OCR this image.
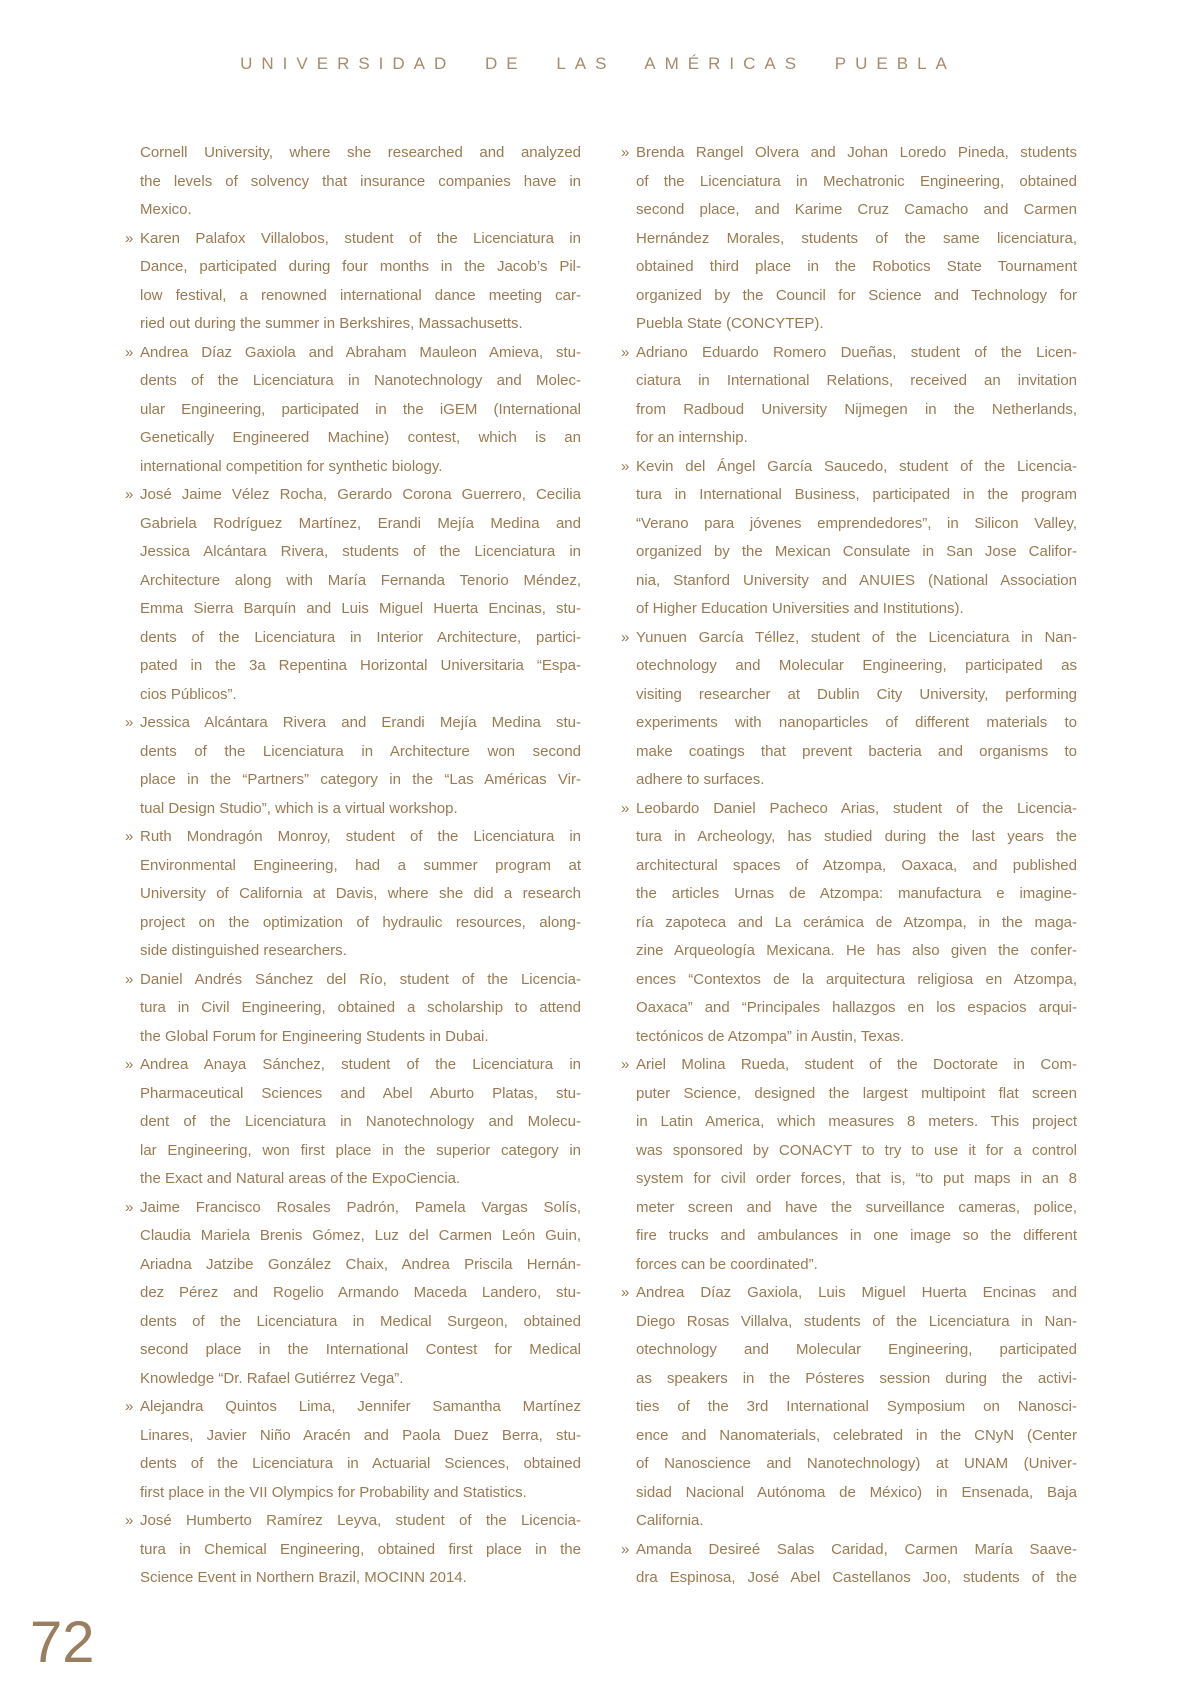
UNIVERSIDAD DE LAS AMÉRICAS PUEBLA
Cornell University, where she researched and analyzed
the levels of solvency that insurance companies have in
Mexico.
» Karen Palafox Villalobos, student of the Licenciatura in
Dance, participated during four months in the Jacob’s Pil-
low festival, a renowned international dance meeting car-
ried out during the summer in Berkshires, Massachusetts.
» Andrea Díaz Gaxiola and Abraham Mauleon Amieva, stu-
dents of the Licenciatura in Nanotechnology and Molec-
ular Engineering, participated in the iGEM (International
Genetically Engineered Machine) contest, which is an
international competition for synthetic biology.
» José Jaime Vélez Rocha, Gerardo Corona Guerrero, Cecilia
Gabriela Rodríguez Martínez, Erandi Mejía Medina and
Jessica Alcántara Rivera, students of the Licenciatura in
Architecture along with María Fernanda Tenorio Méndez,
Emma Sierra Barquín and Luis Miguel Huerta Encinas, stu-
dents of the Licenciatura in Interior Architecture, partici-
pated in the 3a Repentina Horizontal Universitaria “Espa-
cios Públicos”.
» Jessica Alcántara Rivera and Erandi Mejía Medina stu-
dents of the Licenciatura in Architecture won second
place in the “Partners” category in the “Las Américas Vir-
tual Design Studio”, which is a virtual workshop.
» Ruth Mondragón Monroy, student of the Licenciatura in
Environmental Engineering, had a summer program at
University of California at Davis, where she did a research
project on the optimization of hydraulic resources, along-
side distinguished researchers.
» Daniel Andrés Sánchez del Río, student of the Licencia-
tura in Civil Engineering, obtained a scholarship to attend
the Global Forum for Engineering Students in Dubai.
» Andrea Anaya Sánchez, student of the Licenciatura in
Pharmaceutical Sciences and Abel Aburto Platas, stu-
dent of the Licenciatura in Nanotechnology and Molecu-
lar Engineering, won first place in the superior category in
the Exact and Natural areas of the ExpoCiencia.
» Jaime Francisco Rosales Padrón, Pamela Vargas Solís,
Claudia Mariela Brenis Gómez, Luz del Carmen León Guin,
Ariadna Jatzibe González Chaix, Andrea Priscila Hernán-
dez Pérez and Rogelio Armando Maceda Landero, stu-
dents of the Licenciatura in Medical Surgeon, obtained
second place in the International Contest for Medical
Knowledge “Dr. Rafael Gutiérrez Vega”.
» Alejandra Quintos Lima, Jennifer Samantha Martínez
Linares, Javier Niño Aracén and Paola Duez Berra, stu-
dents of the Licenciatura in Actuarial Sciences, obtained
first place in the VII Olympics for Probability and Statistics.
» José Humberto Ramírez Leyva, student of the Licencia-
tura in Chemical Engineering, obtained first place in the
Science Event in Northern Brazil, MOCINN 2014.
» Brenda Rangel Olvera and Johan Loredo Pineda, students
of the Licenciatura in Mechatronic Engineering, obtained
second place, and Karime Cruz Camacho and Carmen
Hernández Morales, students of the same licenciatura,
obtained third place in the Robotics State Tournament
organized by the Council for Science and Technology for
Puebla State (CONCYTEP).
» Adriano Eduardo Romero Dueñas, student of the Licen-
ciatura in International Relations, received an invitation
from Radboud University Nijmegen in the Netherlands,
for an internship.
» Kevin del Ángel García Saucedo, student of the Licencia-
tura in International Business, participated in the program
“Verano para jóvenes emprendedores”, in Silicon Valley,
organized by the Mexican Consulate in San Jose Califor-
nia, Stanford University and ANUIES (National Association
of Higher Education Universities and Institutions).
» Yunuen García Téllez, student of the Licenciatura in Nan-
otechnology and Molecular Engineering, participated as
visiting researcher at Dublin City University, performing
experiments with nanoparticles of different materials to
make coatings that prevent bacteria and organisms to
adhere to surfaces.
» Leobardo Daniel Pacheco Arias, student of the Licencia-
tura in Archeology, has studied during the last years the
architectural spaces of Atzompa, Oaxaca, and published
the articles Urnas de Atzompa: manufactura e imagine-
ría zapoteca and La cerámica de Atzompa, in the maga-
zine Arqueología Mexicana. He has also given the confer-
ences “Contextos de la arquitectura religiosa en Atzompa,
Oaxaca” and “Principales hallazgos en los espacios arqui-
tectónicos de Atzompa” in Austin, Texas.
» Ariel Molina Rueda, student of the Doctorate in Com-
puter Science, designed the largest multipoint flat screen
in Latin America, which measures 8 meters. This project
was sponsored by CONACYT to try to use it for a control
system for civil order forces, that is, “to put maps in an 8
meter screen and have the surveillance cameras, police,
fire trucks and ambulances in one image so the different
forces can be coordinated”.
» Andrea Díaz Gaxiola, Luis Miguel Huerta Encinas and
Diego Rosas Villalva, students of the Licenciatura in Nan-
otechnology and Molecular Engineering, participated
as speakers in the Pósteres session during the activi-
ties of the 3rd International Symposium on Nanosci-
ence and Nanomaterials, celebrated in the CNyN (Center
of Nanoscience and Nanotechnology) at UNAM (Univer-
sidad Nacional Autónoma de México) in Ensenada, Baja
California.
» Amanda Desireé Salas Caridad, Carmen María Saave-
dra Espinosa, José Abel Castellanos Joo, students of the
72
